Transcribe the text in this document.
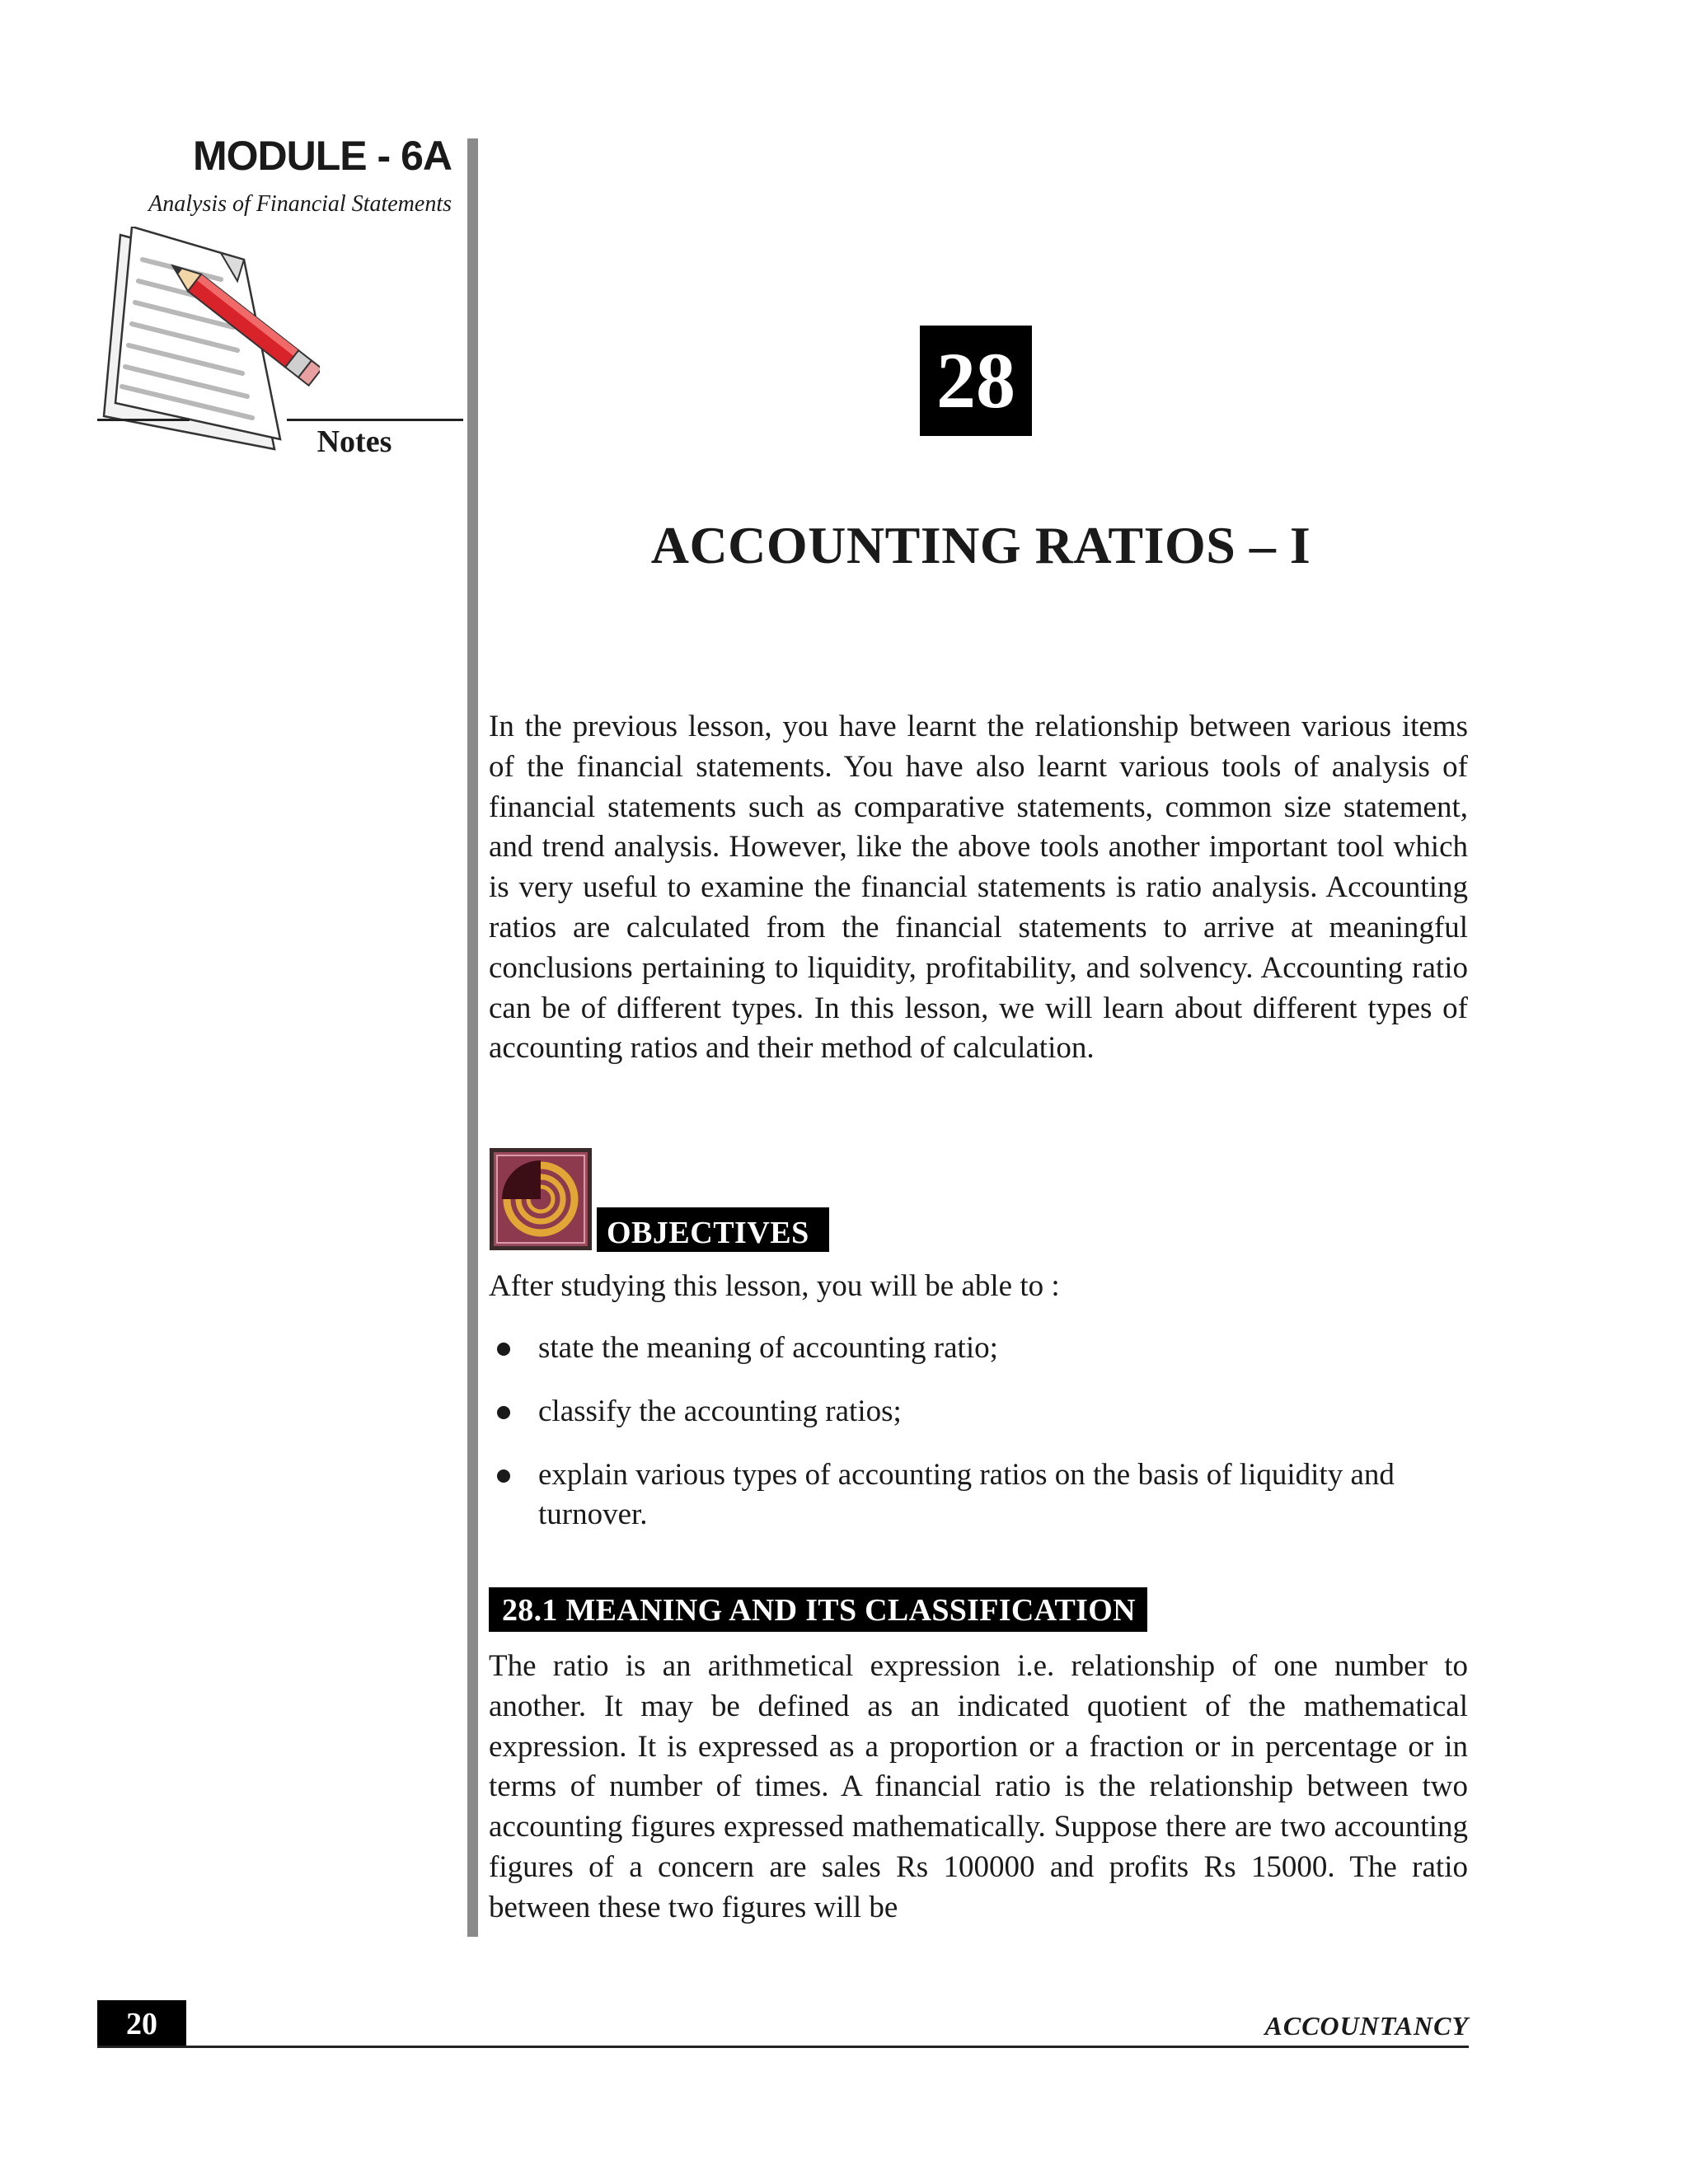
MODULE - 6A
Analysis of Financial Statements
Notes
28
ACCOUNTING RATIOS – I

In the previous lesson, you have learnt the relationship between various items of the financial statements. You have also learnt various tools of analysis of financial statements such as comparative statements, common size statement, and trend analysis. However, like the above tools another important tool which is very useful to examine the financial statements is ratio analysis. Accounting ratios are calculated from the financial statements to arrive at meaningful conclusions pertaining to liquidity, profitability, and solvency. Accounting ratio can be of different types. In this lesson, we will learn about different types of accounting ratios and their method of calculation.

OBJECTIVES
After studying this lesson, you will be able to :
state the meaning of accounting ratio;
classify the accounting ratios;
explain various types of accounting ratios on the basis of liquidity and turnover.
28.1 MEANING AND ITS CLASSIFICATION

The ratio is an arithmetical expression i.e. relationship of one number to another. It may be defined as an indicated quotient of the mathematical expression. It is expressed as a proportion or a fraction or in percentage or in terms of number of times. A financial ratio is the relationship between two accounting figures expressed mathematically. Suppose there are two accounting figures of a concern are sales Rs 100000 and profits Rs 15000. The ratio between these two figures will be

20	ACCOUNTANCY
